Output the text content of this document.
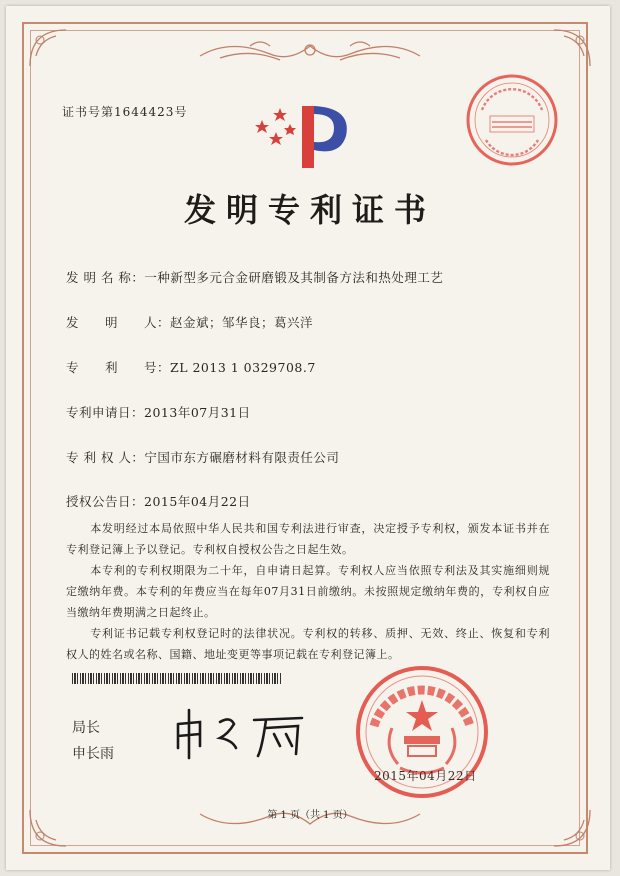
证书号第1644423号
发明专利证书
发 明 名 称：一种新型多元合金研磨锻及其制备方法和热处理工艺
发　　明　　人：赵金斌；邹华良；葛兴洋
专　　利　　号：ZL 2013 1 0329708.7
专利申请日：2013年07月31日
专 利 权 人：宁国市东方碾磨材料有限责任公司
授权公告日：2015年04月22日
本发明经过本局依照中华人民共和国专利法进行审查，决定授予专利权，颁发本证书并在专利登记簿上予以登记。专利权自授权公告之日起生效。
本专利的专利权期限为二十年，自申请日起算。专利权人应当依照专利法及其实施细则规定缴纳年费。本专利的年费应当在每年07月31日前缴纳。未按照规定缴纳年费的，专利权自应当缴纳年费期满之日起终止。
专利证书记载专利权登记时的法律状况。专利权的转移、质押、无效、终止、恢复和专利权人的姓名或名称、国籍、地址变更等事项记载在专利登记簿上。
局长
申长雨
2015年04月22日
第 1 页（共 1 页）
